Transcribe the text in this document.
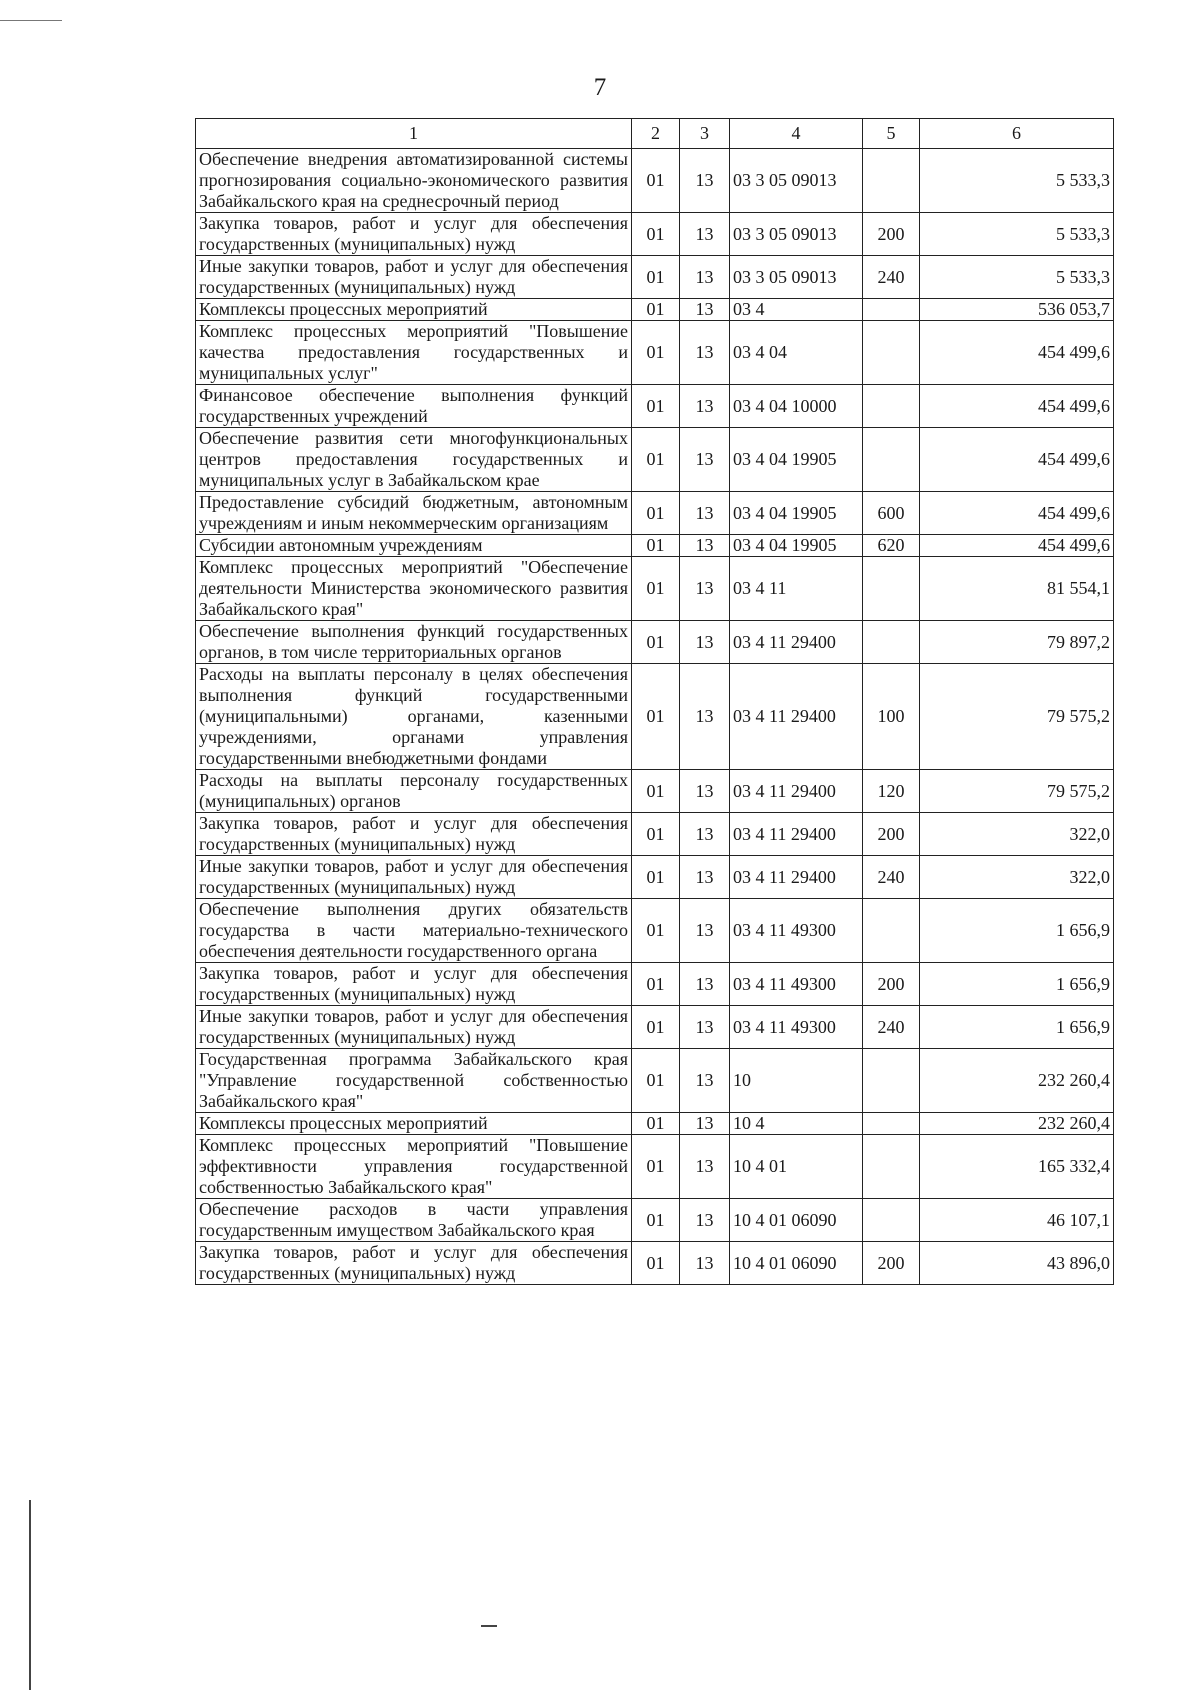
7
1	2	3	4	5	6
Обеспечение внедрения автоматизированной системы прогнозирования социально-экономического развития Забайкальского края на среднесрочный период	01	13	03 3 05 09013		5 533,3
Закупка товаров, работ и услуг для обеспечения государственных (муниципальных) нужд	01	13	03 3 05 09013	200	5 533,3
Иные закупки товаров, работ и услуг для обеспечения государственных (муниципальных) нужд	01	13	03 3 05 09013	240	5 533,3
Комплексы процессных мероприятий	01	13	03 4		536 053,7
Комплекс процессных мероприятий "Повышение качества предоставления государственных и муниципальных услуг"	01	13	03 4 04		454 499,6
Финансовое обеспечение выполнения функций государственных учреждений	01	13	03 4 04 10000		454 499,6
Обеспечение развития сети многофункциональных центров предоставления государственных и муниципальных услуг в Забайкальском крае	01	13	03 4 04 19905		454 499,6
Предоставление субсидий бюджетным, автономным учреждениям и иным некоммерческим организациям	01	13	03 4 04 19905	600	454 499,6
Субсидии автономным учреждениям	01	13	03 4 04 19905	620	454 499,6
Комплекс процессных мероприятий "Обеспечение деятельности Министерства экономического развития Забайкальского края"	01	13	03 4 11		81 554,1
Обеспечение выполнения функций государственных органов, в том числе территориальных органов	01	13	03 4 11 29400		79 897,2
Расходы на выплаты персоналу в целях обеспечения выполнения функций государственными (муниципальными) органами, казенными учреждениями, органами управления государственными внебюджетными фондами	01	13	03 4 11 29400	100	79 575,2
Расходы на выплаты персоналу государственных (муниципальных) органов	01	13	03 4 11 29400	120	79 575,2
Закупка товаров, работ и услуг для обеспечения государственных (муниципальных) нужд	01	13	03 4 11 29400	200	322,0
Иные закупки товаров, работ и услуг для обеспечения государственных (муниципальных) нужд	01	13	03 4 11 29400	240	322,0
Обеспечение выполнения других обязательств государства в части материально-технического обеспечения деятельности государственного органа	01	13	03 4 11 49300		1 656,9
Закупка товаров, работ и услуг для обеспечения государственных (муниципальных) нужд	01	13	03 4 11 49300	200	1 656,9
Иные закупки товаров, работ и услуг для обеспечения государственных (муниципальных) нужд	01	13	03 4 11 49300	240	1 656,9
Государственная программа Забайкальского края "Управление государственной собственностью Забайкальского края"	01	13	10		232 260,4
Комплексы процессных мероприятий	01	13	10 4		232 260,4
Комплекс процессных мероприятий "Повышение эффективности управления государственной собственностью Забайкальского края"	01	13	10 4 01		165 332,4
Обеспечение расходов в части управления государственным имуществом Забайкальского края	01	13	10 4 01 06090		46 107,1
Закупка товаров, работ и услуг для обеспечения государственных (муниципальных) нужд	01	13	10 4 01 06090	200	43 896,0
